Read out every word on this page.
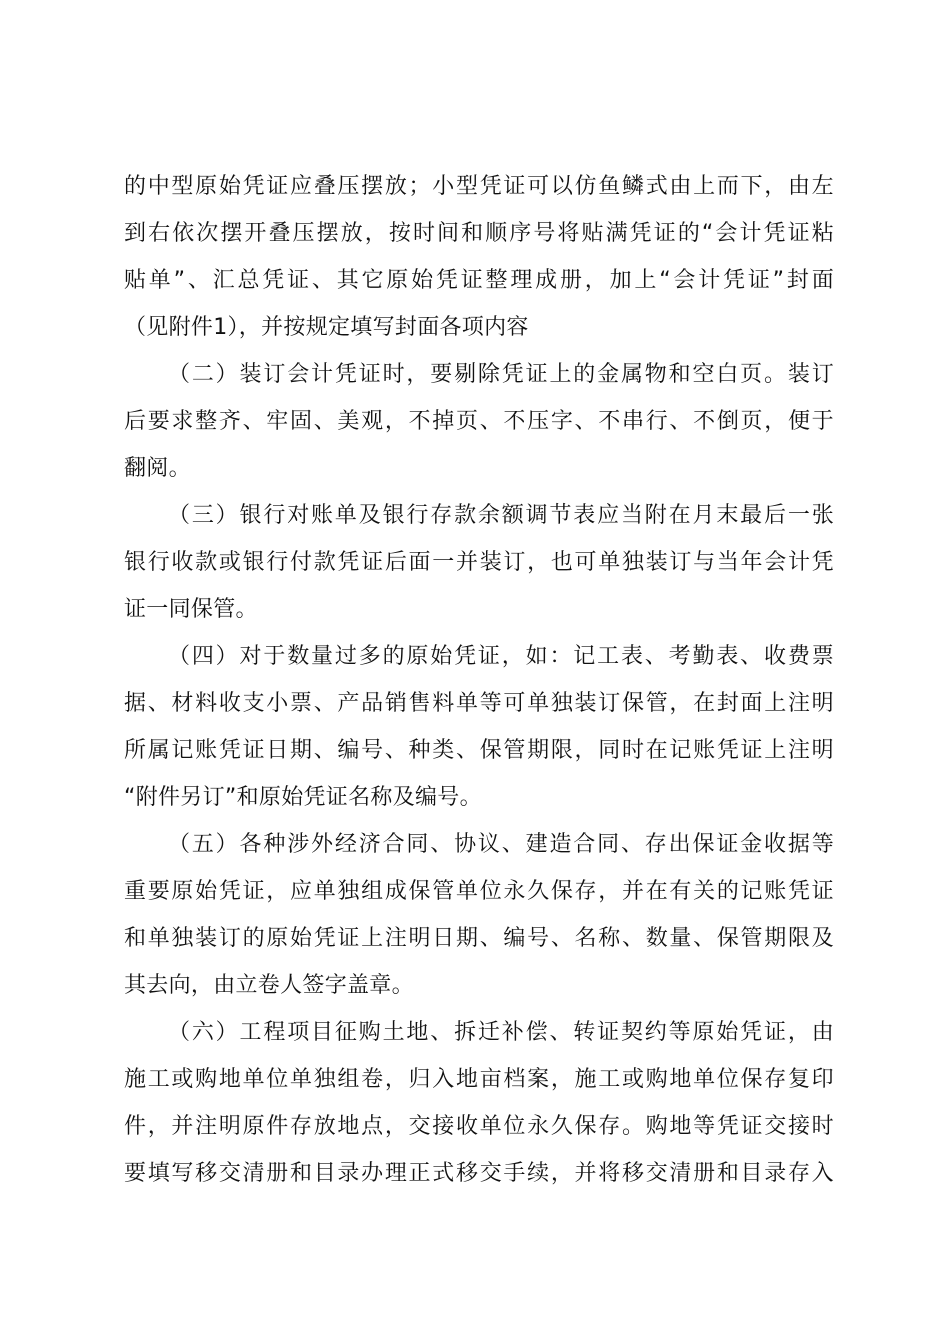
的中型原始凭证应叠压摆放；小型凭证可以仿鱼鳞式由上而下，由左
到右依次摆开叠压摆放，按时间和顺序号将贴满凭证的“会计凭证粘
贴单”、汇总凭证、其它原始凭证整理成册，加上“会计凭证”封面
（见附件1），并按规定填写封面各项内容
（二）装订会计凭证时，要剔除凭证上的金属物和空白页。装订
后要求整齐、牢固、美观，不掉页、不压字、不串行、不倒页，便于
翻阅。
（三）银行对账单及银行存款余额调节表应当附在月末最后一张
银行收款或银行付款凭证后面一并装订，也可单独装订与当年会计凭
证一同保管。
（四）对于数量过多的原始凭证，如：记工表、考勤表、收费票
据、材料收支小票、产品销售料单等可单独装订保管，在封面上注明
所属记账凭证日期、编号、种类、保管期限，同时在记账凭证上注明
“附件另订”和原始凭证名称及编号。
（五）各种涉外经济合同、协议、建造合同、存出保证金收据等
重要原始凭证，应单独组成保管单位永久保存，并在有关的记账凭证
和单独装订的原始凭证上注明日期、编号、名称、数量、保管期限及
其去向，由立卷人签字盖章。
（六）工程项目征购土地、拆迁补偿、转证契约等原始凭证，由
施工或购地单位单独组卷，归入地亩档案，施工或购地单位保存复印
件，并注明原件存放地点，交接收单位永久保存。购地等凭证交接时
要填写移交清册和目录办理正式移交手续，并将移交清册和目录存入
